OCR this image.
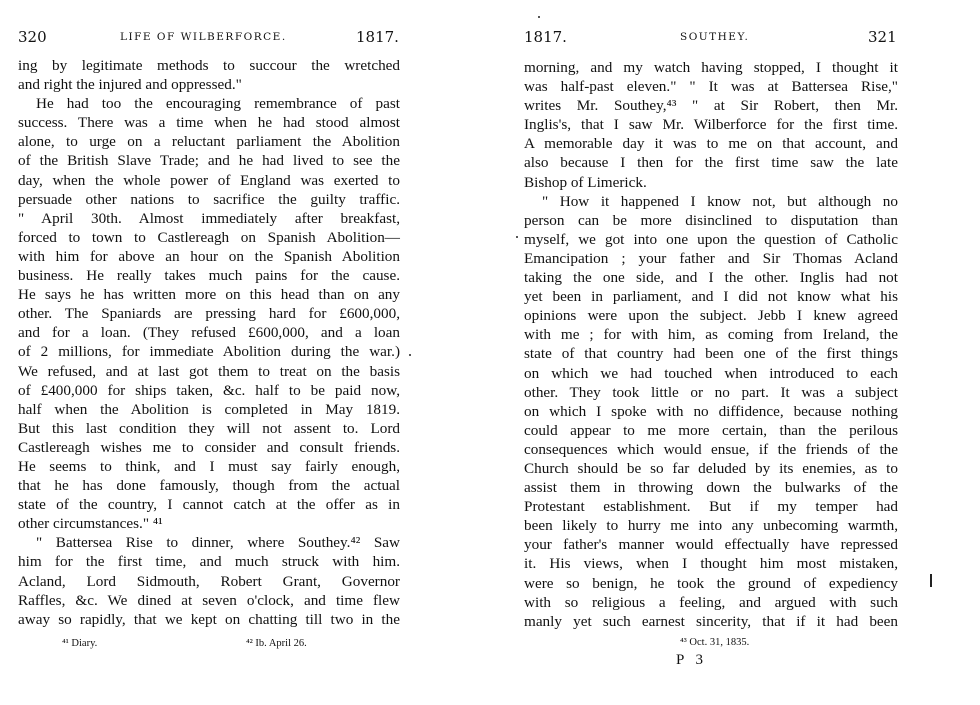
320	LIFE OF WILBERFORCE.	1817.
ing by legitimate methods to succour the wretched
and right the injured and oppressed."
He had too the encouraging remembrance of past
success. There was a time when he had stood almost
alone, to urge on a reluctant parliament the Abolition
of the British Slave Trade; and he had lived to see the
day, when the whole power of England was exerted to
persuade other nations to sacrifice the guilty traffic.
" April 30th. Almost immediately after breakfast,
forced to town to Castlereagh on Spanish Abolition—
with him for above an hour on the Spanish Abolition
business. He really takes much pains for the cause.
He says he has written more on this head than on any
other. The Spaniards are pressing hard for £600,000,
and for a loan. (They refused £600,000, and a loan
of 2 millions, for immediate Abolition during the war.)
We refused, and at last got them to treat on the basis
of £400,000 for ships taken, &c. half to be paid now,
half when the Abolition is completed in May 1819.
But this last condition they will not assent to. Lord
Castlereagh wishes me to consider and consult friends.
He seems to think, and I must say fairly enough,
that he has done famously, though from the actual
state of the country, I cannot catch at the offer as in
other circumstances." ⁴¹
" Battersea Rise to dinner, where Southey.⁴² Saw
him for the first time, and much struck with him.
Acland, Lord Sidmouth, Robert Grant, Governor
Raffles, &c. We dined at seven o'clock, and time flew
away so rapidly, that we kept on chatting till two in the
⁴¹ Diary.	⁴² Ib. April 26.
1817.	SOUTHEY.	321
morning, and my watch having stopped, I thought it
was half-past eleven." " It was at Battersea Rise,"
writes Mr. Southey,⁴³ " at Sir Robert, then Mr.
Inglis's, that I saw Mr. Wilberforce for the first time.
A memorable day it was to me on that account, and
also because I then for the first time saw the late
Bishop of Limerick.
" How it happened I know not, but although no
person can be more disinclined to disputation than
myself, we got into one upon the question of Catholic
Emancipation ; your father and Sir Thomas Acland
taking the one side, and I the other. Inglis had not
yet been in parliament, and I did not know what his
opinions were upon the subject. Jebb I knew agreed
with me ; for with him, as coming from Ireland, the
state of that country had been one of the first things
on which we had touched when introduced to each
other. They took little or no part. It was a subject
on which I spoke with no diffidence, because nothing
could appear to me more certain, than the perilous
consequences which would ensue, if the friends of the
Church should be so far deluded by its enemies, as to
assist them in throwing down the bulwarks of the
Protestant establishment. But if my temper had
been likely to hurry me into any unbecoming warmth,
your father's manner would effectually have repressed
it. His views, when I thought him most mistaken,
were so benign, he took the ground of expediency
with so religious a feeling, and argued with such
manly yet such earnest sincerity, that if it had been
⁴³ Oct. 31, 1835.
P 3
